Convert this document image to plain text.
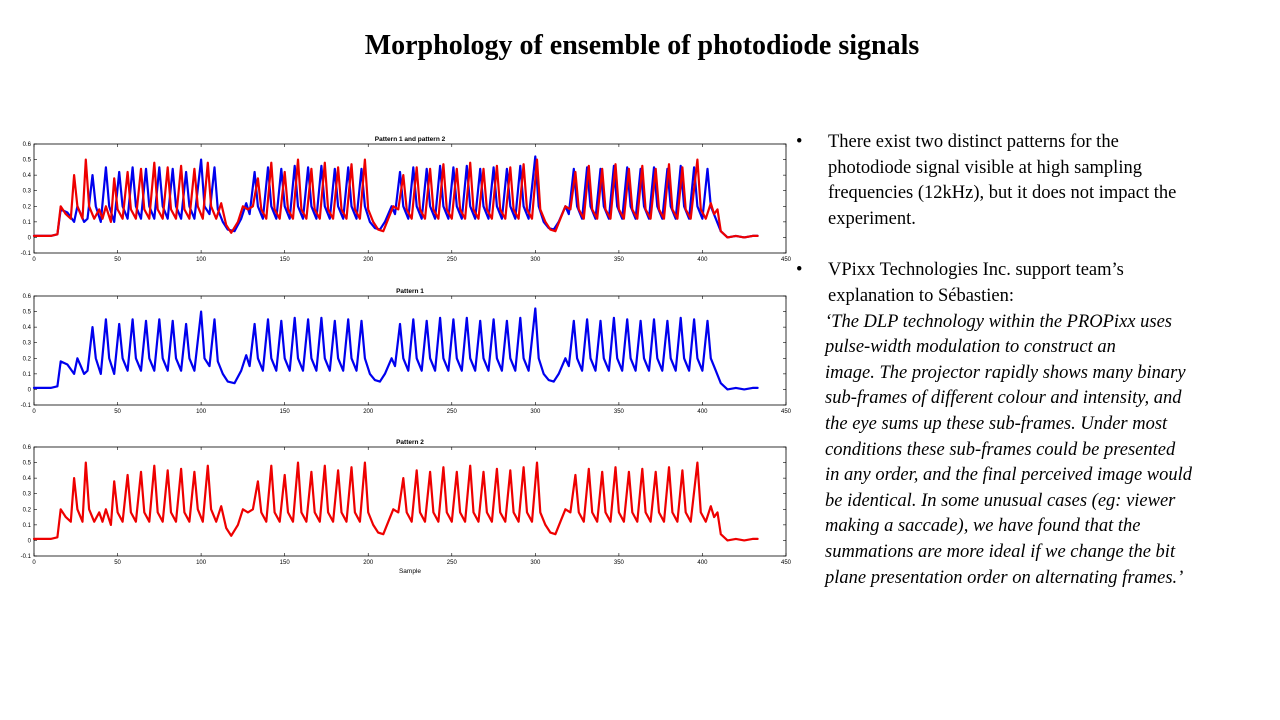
Morphology of ensemble of photodiode signals
Pattern 1 and pattern 2
0	50	100	150	200	250	300	350	400	450
-0.1
0
0.1
0.2
0.3
0.4
0.5
0.6
Pattern 1
0	50	100	150	200	250	300	350	400	450
-0.1
0
0.1
0.2
0.3
0.4
0.5
0.6
Pattern 2
0	50	100	150	200	250	300	350	400	450
-0.1
0
0.1
0.2
0.3
0.4
0.5
0.6
Sample
•	There exist two distinct patterns for the
photodiode signal visible at high sampling
frequencies (12kHz), but it does not impact the
experiment.
•	VPixx Technologies Inc. support team’s
explanation to Sébastien:
‘The DLP technology within the PROPixx uses
pulse-width modulation to construct an
image. The projector rapidly shows many binary
sub-frames of different colour and intensity, and
the eye sums up these sub-frames. Under most
conditions these sub-frames could be presented
in any order, and the final perceived image would
be identical. In some unusual cases (eg: viewer
making a saccade), we have found that the
summations are more ideal if we change the bit
plane presentation order on alternating frames.’
